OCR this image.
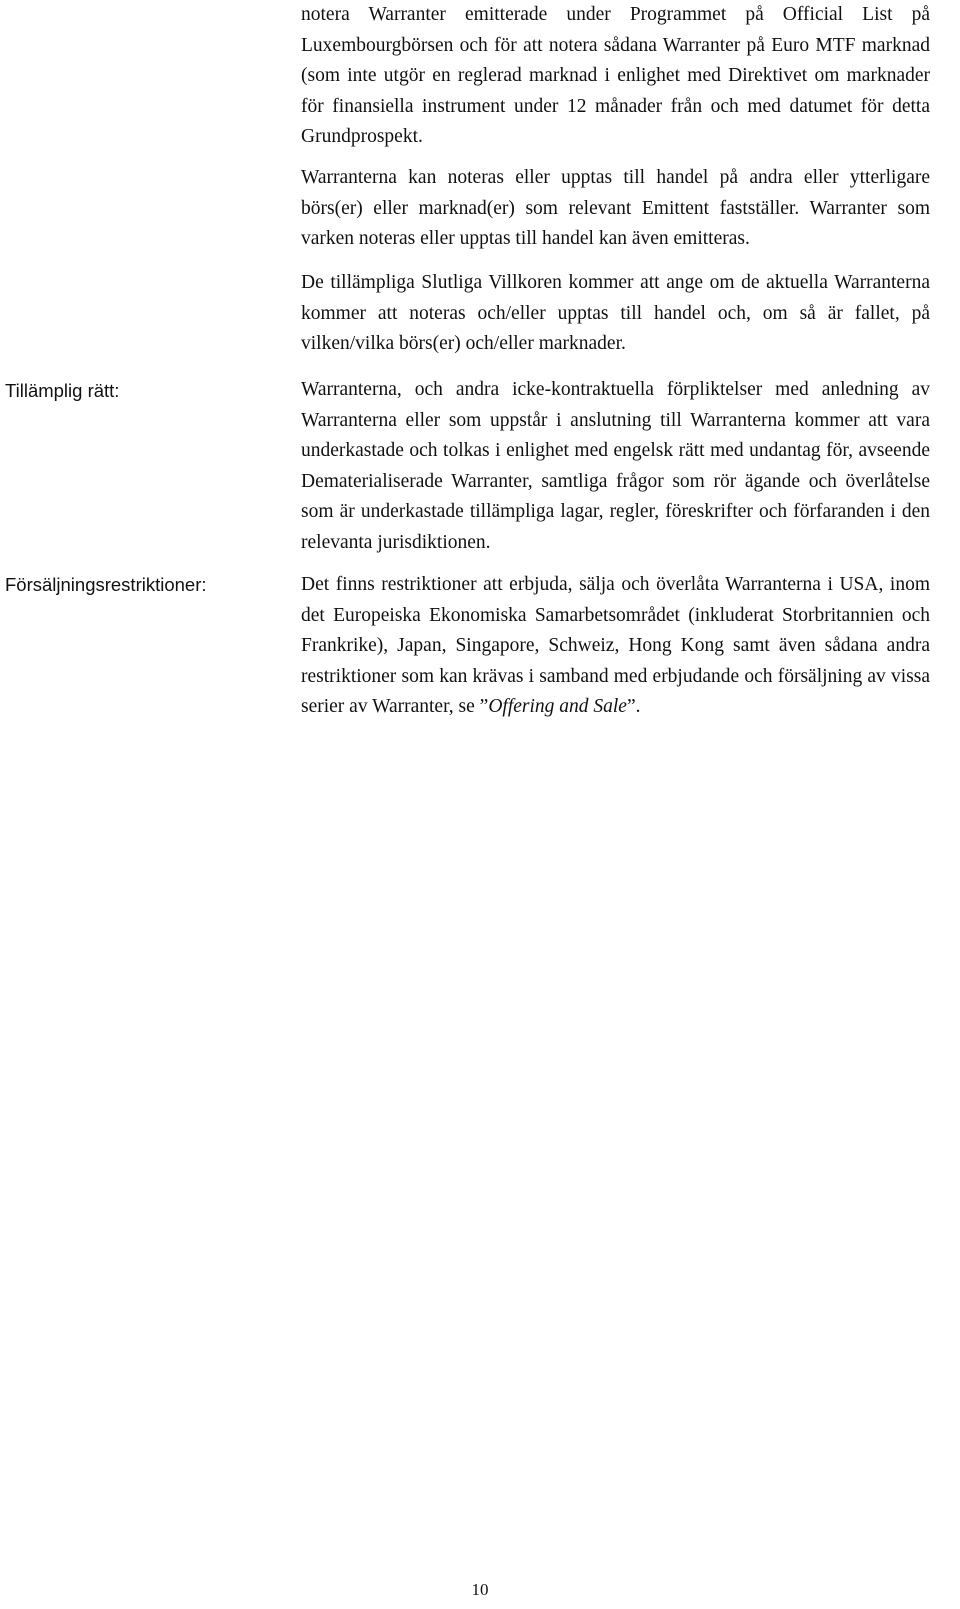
notera Warranter emitterade under Programmet på Official List på Luxembourgbörsen och för att notera sådana Warranter på Euro MTF marknad (som inte utgör en reglerad marknad i enlighet med Direktivet om marknader för finansiella instrument under 12 månader från och med datumet för detta Grundprospekt.

Warranterna kan noteras eller upptas till handel på andra eller ytterligare börs(er) eller marknad(er) som relevant Emittent fastställer. Warranter som varken noteras eller upptas till handel kan även emitteras.

De tillämpliga Slutliga Villkoren kommer att ange om de aktuella Warranterna kommer att noteras och/eller upptas till handel och, om så är fallet, på vilken/vilka börs(er) och/eller marknader.

Tillämplig rätt:	Warranterna, och andra icke-kontraktuella förpliktelser med anledning av Warranterna eller som uppstår i anslutning till Warranterna kommer att vara underkastade och tolkas i enlighet med engelsk rätt med undantag för, avseende Dematerialiserade Warranter, samtliga frågor som rör ägande och överlåtelse som är underkastade tillämpliga lagar, regler, föreskrifter och förfaranden i den relevanta jurisdiktionen.

Försäljningsrestriktioner:	Det finns restriktioner att erbjuda, sälja och överlåta Warranterna i USA, inom det Europeiska Ekonomiska Samarbetsområdet (inkluderat Storbritannien och Frankrike), Japan, Singapore, Schweiz, Hong Kong samt även sådana andra restriktioner som kan krävas i samband med erbjudande och försäljning av vissa serier av Warranter, se ”Offering and Sale”.

10
